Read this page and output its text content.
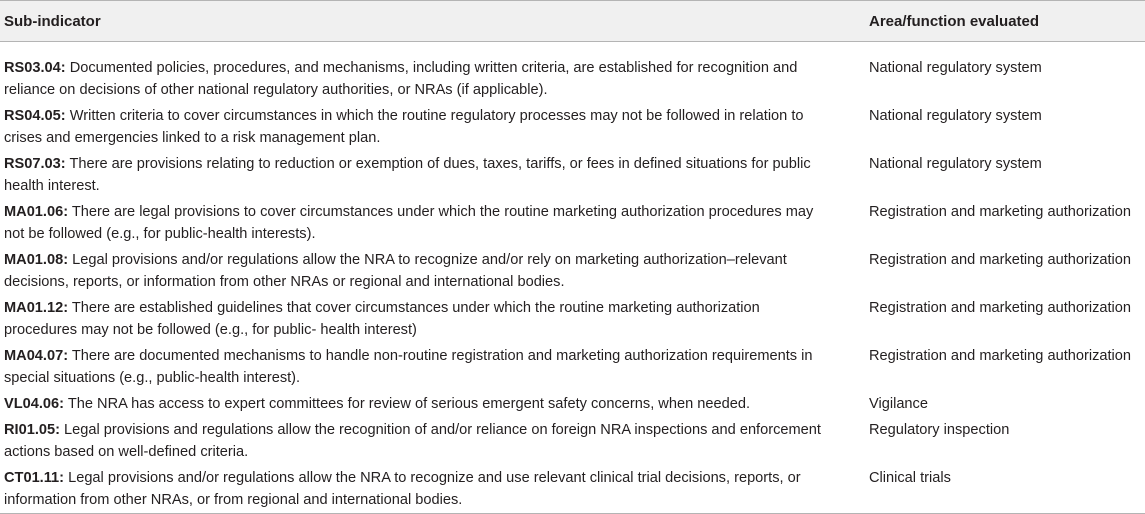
Sub-indicator	Area/function evaluated
RS03.04: Documented policies, procedures, and mechanisms, including written criteria, are established for recognition and reliance on decisions of other national regulatory authorities, or NRAs (if applicable).	National regulatory system
RS04.05: Written criteria to cover circumstances in which the routine regulatory processes may not be followed in relation to crises and emergencies linked to a risk management plan.	National regulatory system
RS07.03: There are provisions relating to reduction or exemption of dues, taxes, tariffs, or fees in defined situations for public health interest.	National regulatory system
MA01.06: There are legal provisions to cover circumstances under which the routine marketing authorization procedures may not be followed (e.g., for public-health interests).	Registration and marketing authorization
MA01.08: Legal provisions and/or regulations allow the NRA to recognize and/or rely on marketing authorization–relevant decisions, reports, or information from other NRAs or regional and international bodies.	Registration and marketing authorization
MA01.12: There are established guidelines that cover circumstances under which the routine marketing authorization procedures may not be followed (e.g., for public- health interest)	Registration and marketing authorization
MA04.07: There are documented mechanisms to handle non-routine registration and marketing authorization requirements in special situations (e.g., public-health interest).	Registration and marketing authorization
VL04.06: The NRA has access to expert committees for review of serious emergent safety concerns, when needed.	Vigilance
RI01.05: Legal provisions and regulations allow the recognition of and/or reliance on foreign NRA inspections and enforcement actions based on well-defined criteria.	Regulatory inspection
CT01.11: Legal provisions and/or regulations allow the NRA to recognize and use relevant clinical trial decisions, reports, or information from other NRAs, or from regional and international bodies.	Clinical trials
